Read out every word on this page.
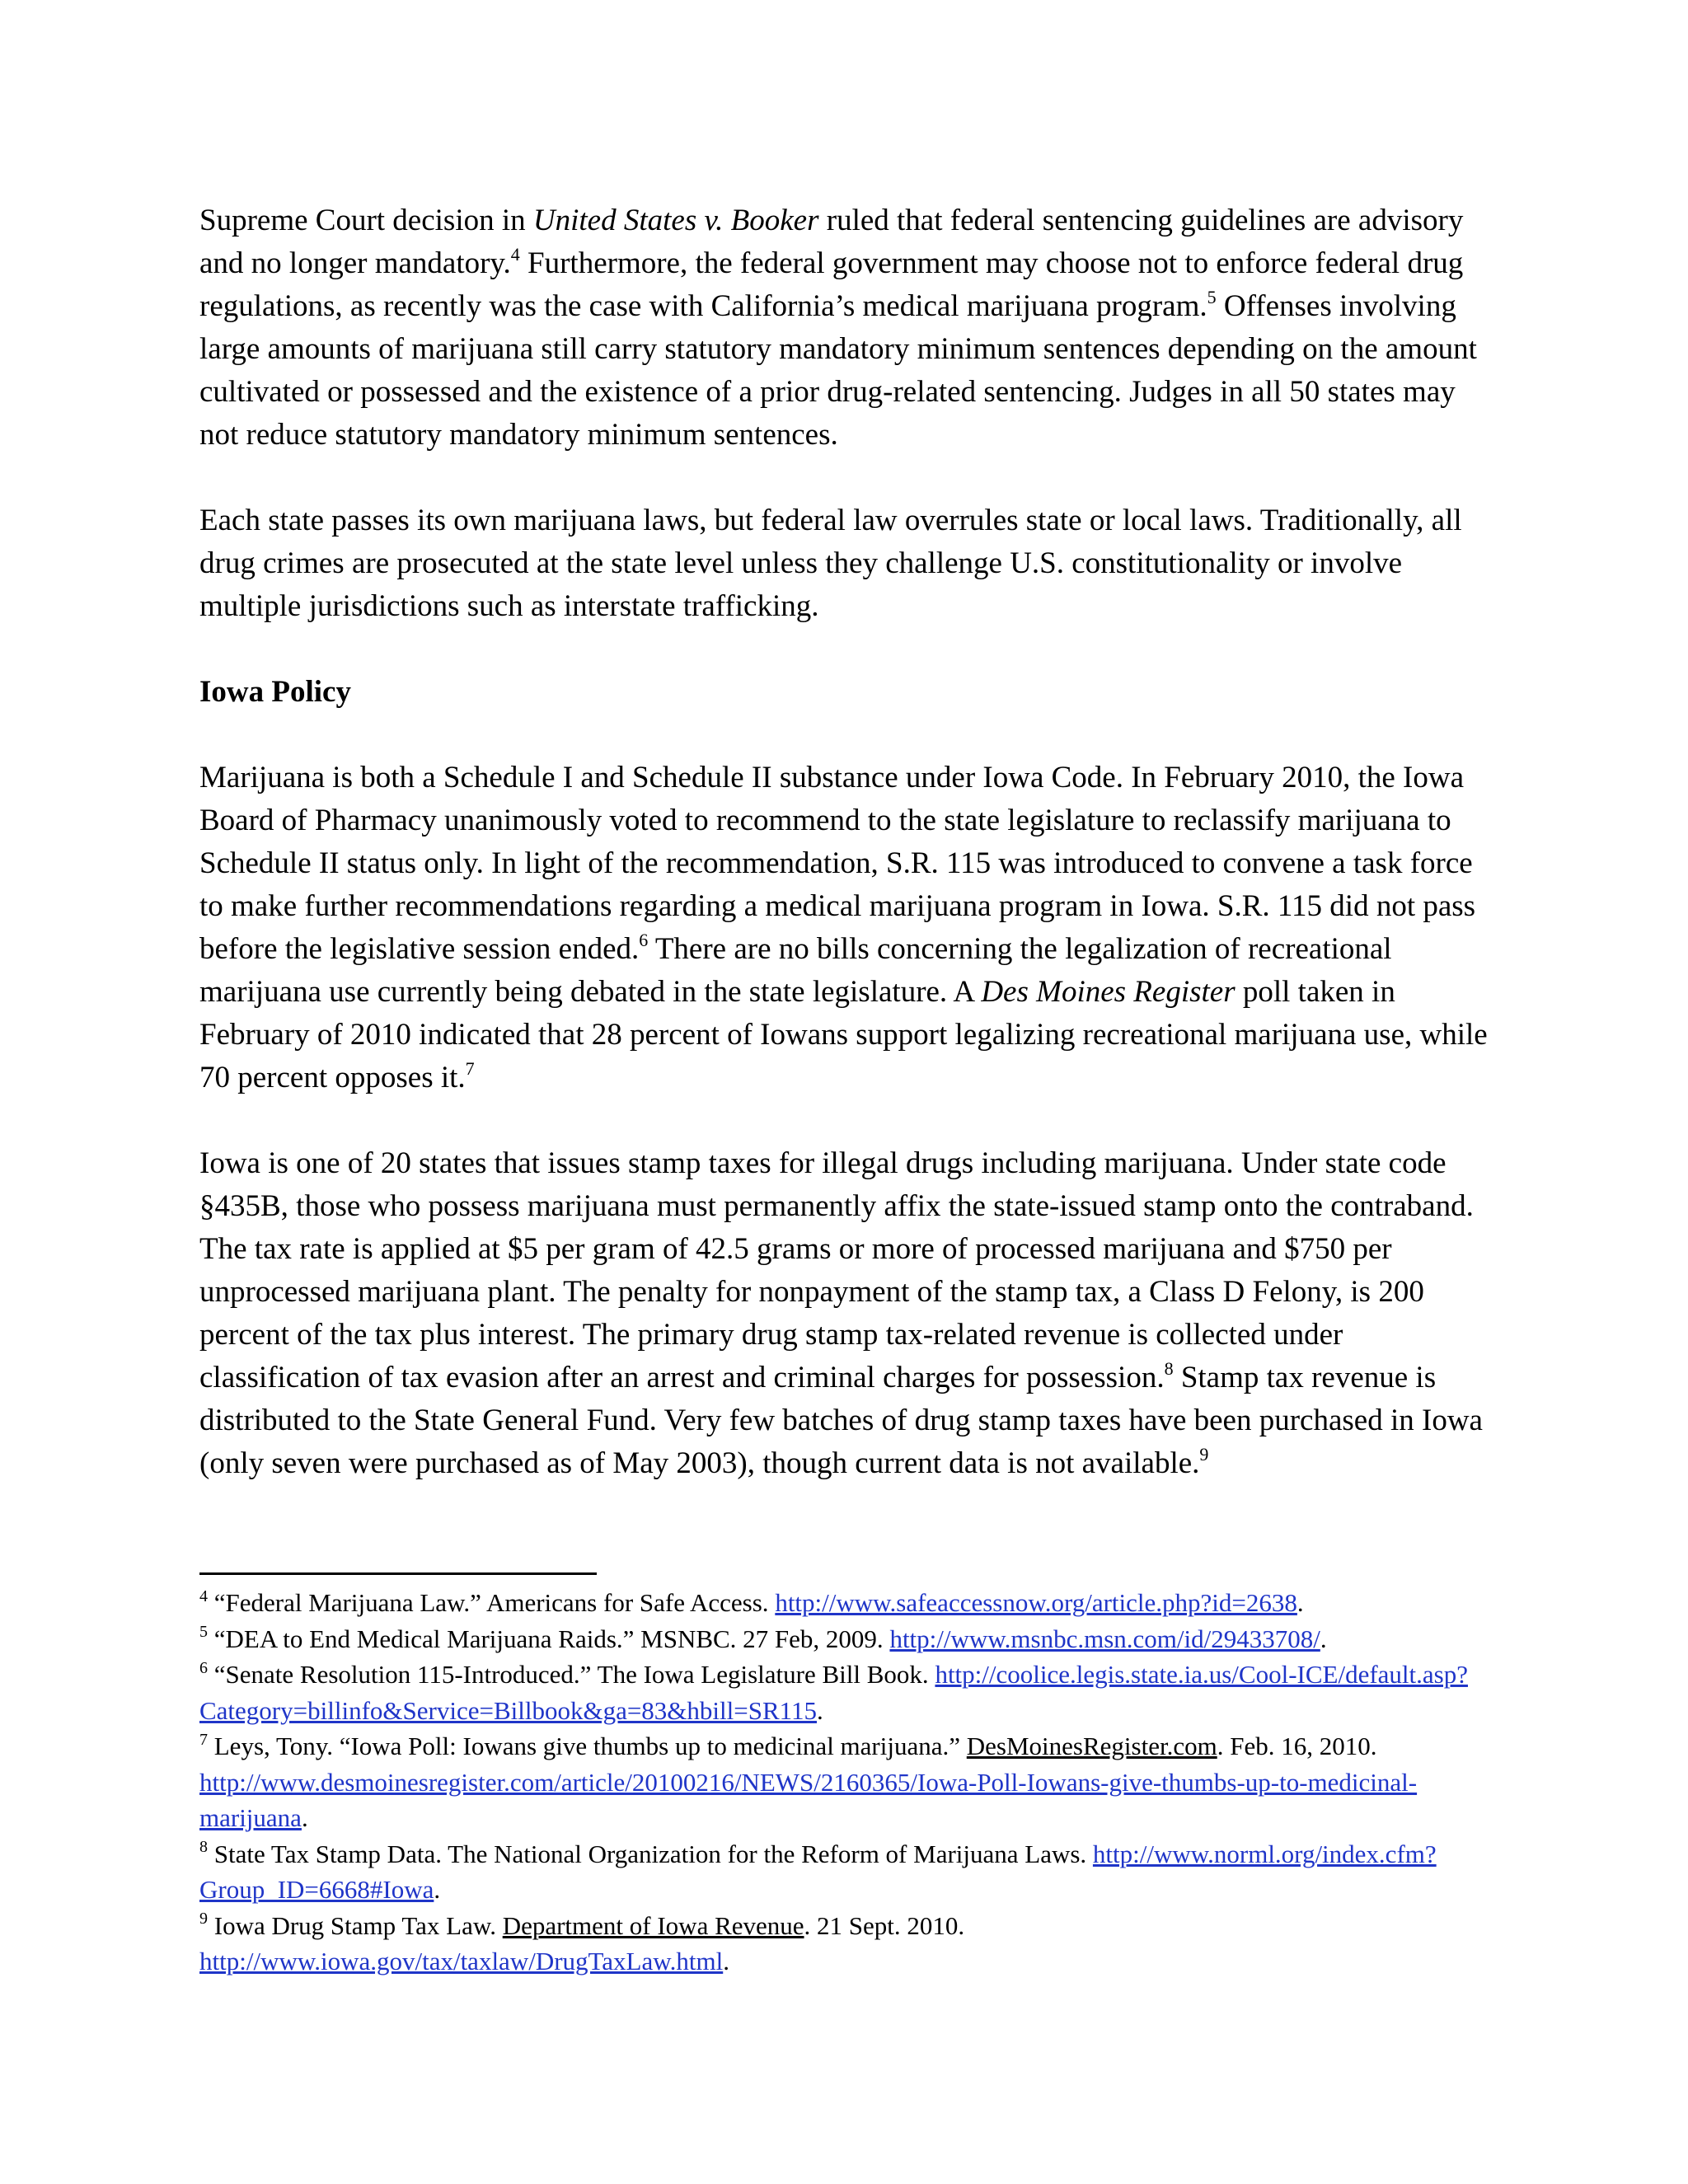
Supreme Court decision in United States v. Booker ruled that federal sentencing guidelines are advisory and no longer mandatory.$^4$ Furthermore, the federal government may choose not to enforce federal drug regulations, as recently was the case with California’s medical marijuana program.$^5$ Offenses involving large amounts of marijuana still carry statutory mandatory minimum sentences depending on the amount cultivated or possessed and the existence of a prior drug-related sentencing. Judges in all 50 states may not reduce statutory mandatory minimum sentences.

Each state passes its own marijuana laws, but federal law overrules state or local laws. Traditionally, all drug crimes are prosecuted at the state level unless they challenge U.S. constitutionality or involve multiple jurisdictions such as interstate trafficking.

Iowa Policy

Marijuana is both a Schedule I and Schedule II substance under Iowa Code. In February 2010, the Iowa Board of Pharmacy unanimously voted to recommend to the state legislature to reclassify marijuana to Schedule II status only. In light of the recommendation, S.R. 115 was introduced to convene a task force to make further recommendations regarding a medical marijuana program in Iowa. S.R. 115 did not pass before the legislative session ended.$^6$ There are no bills concerning the legalization of recreational marijuana use currently being debated in the state legislature. A Des Moines Register poll taken in February of 2010 indicated that 28 percent of Iowans support legalizing recreational marijuana use, while 70 percent opposes it.$^7$

Iowa is one of 20 states that issues stamp taxes for illegal drugs including marijuana. Under state code §435B, those who possess marijuana must permanently affix the state-issued stamp onto the contraband. The tax rate is applied at $5 per gram of 42.5 grams or more of processed marijuana and $750 per unprocessed marijuana plant. The penalty for nonpayment of the stamp tax, a Class D Felony, is 200 percent of the tax plus interest. The primary drug stamp tax-related revenue is collected under classification of tax evasion after an arrest and criminal charges for possession.$^8$ Stamp tax revenue is distributed to the State General Fund. Very few batches of drug stamp taxes have been purchased in Iowa (only seven were purchased as of May 2003), though current data is not available.$^9$

$^4$ “Federal Marijuana Law.” Americans for Safe Access. http://www.safeaccessnow.org/article.php?id=2638.

$^5$ “DEA to End Medical Marijuana Raids.” MSNBC. 27 Feb, 2009. http://www.msnbc.msn.com/id/29433708/.

$^6$ “Senate Resolution 115-Introduced.” The Iowa Legislature Bill Book. http://coolice.legis.state.ia.us/Cool-ICE/default.asp?Category=billinfo&Service=Billbook&ga=83&hbill=SR115.

$^7$ Leys, Tony. “Iowa Poll: Iowans give thumbs up to medicinal marijuana.” DesMoinesRegister.com. Feb. 16, 2010. http://www.desmoinesregister.com/article/20100216/NEWS/2160365/Iowa-Poll-Iowans-give-thumbs-up-to-medicinal-marijuana.

$^8$ State Tax Stamp Data. The National Organization for the Reform of Marijuana Laws. http://www.norml.org/index.cfm?Group_ID=6668#Iowa.

$^9$ Iowa Drug Stamp Tax Law. Department of Iowa Revenue. 21 Sept. 2010. http://www.iowa.gov/tax/taxlaw/DrugTaxLaw.html.
